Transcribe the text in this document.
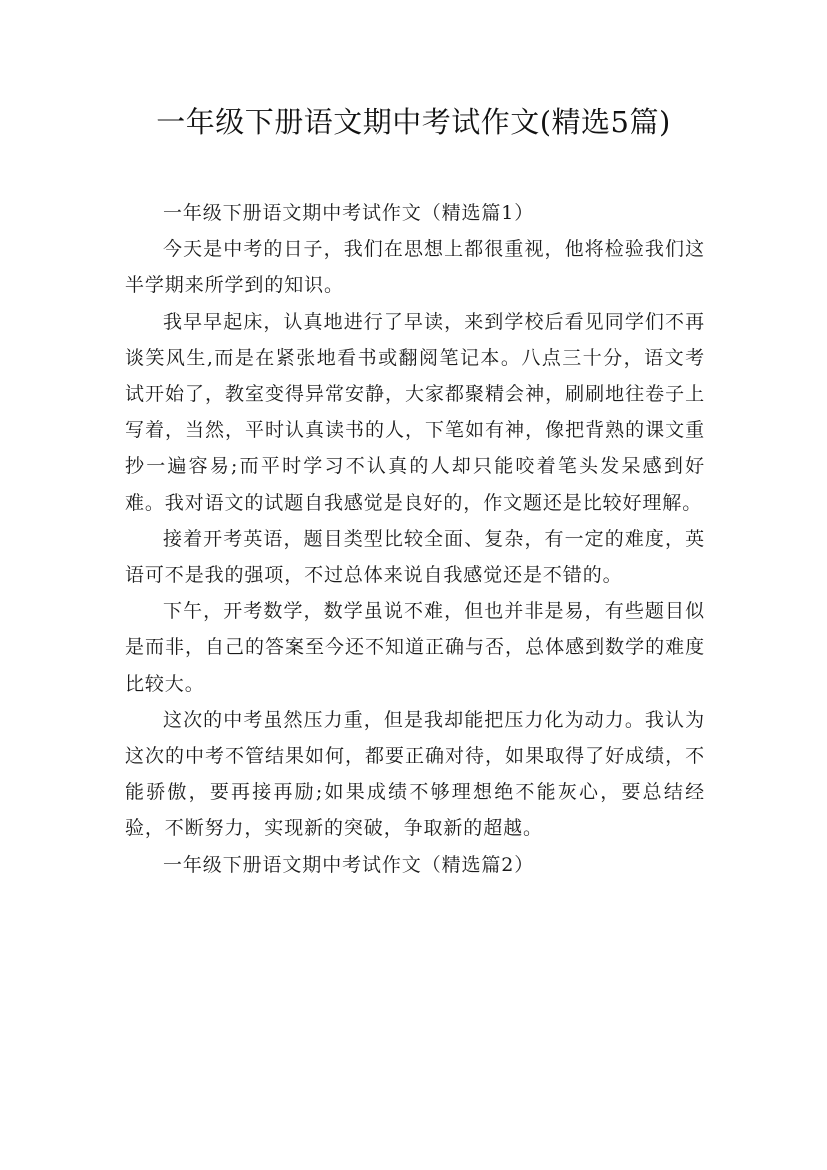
一年级下册语文期中考试作文(精选5篇)

一年级下册语文期中考试作文（精选篇1）

今天是中考的日子，我们在思想上都很重视，他将检验我们这半学期来所学到的知识。

我早早起床，认真地进行了早读，来到学校后看见同学们不再谈笑风生,而是在紧张地看书或翻阅笔记本。八点三十分，语文考试开始了，教室变得异常安静，大家都聚精会神，刷刷地往卷子上写着，当然，平时认真读书的人，下笔如有神，像把背熟的课文重抄一遍容易;而平时学习不认真的人却只能咬着笔头发呆感到好难。我对语文的试题自我感觉是良好的，作文题还是比较好理解。

接着开考英语，题目类型比较全面、复杂，有一定的难度，英语可不是我的强项，不过总体来说自我感觉还是不错的。

下午，开考数学，数学虽说不难，但也并非是易，有些题目似是而非，自己的答案至今还不知道正确与否，总体感到数学的难度比较大。

这次的中考虽然压力重，但是我却能把压力化为动力。我认为这次的中考不管结果如何，都要正确对待，如果取得了好成绩，不能骄傲，要再接再励;如果成绩不够理想绝不能灰心，要总结经验，不断努力，实现新的突破，争取新的超越。

一年级下册语文期中考试作文（精选篇2）
